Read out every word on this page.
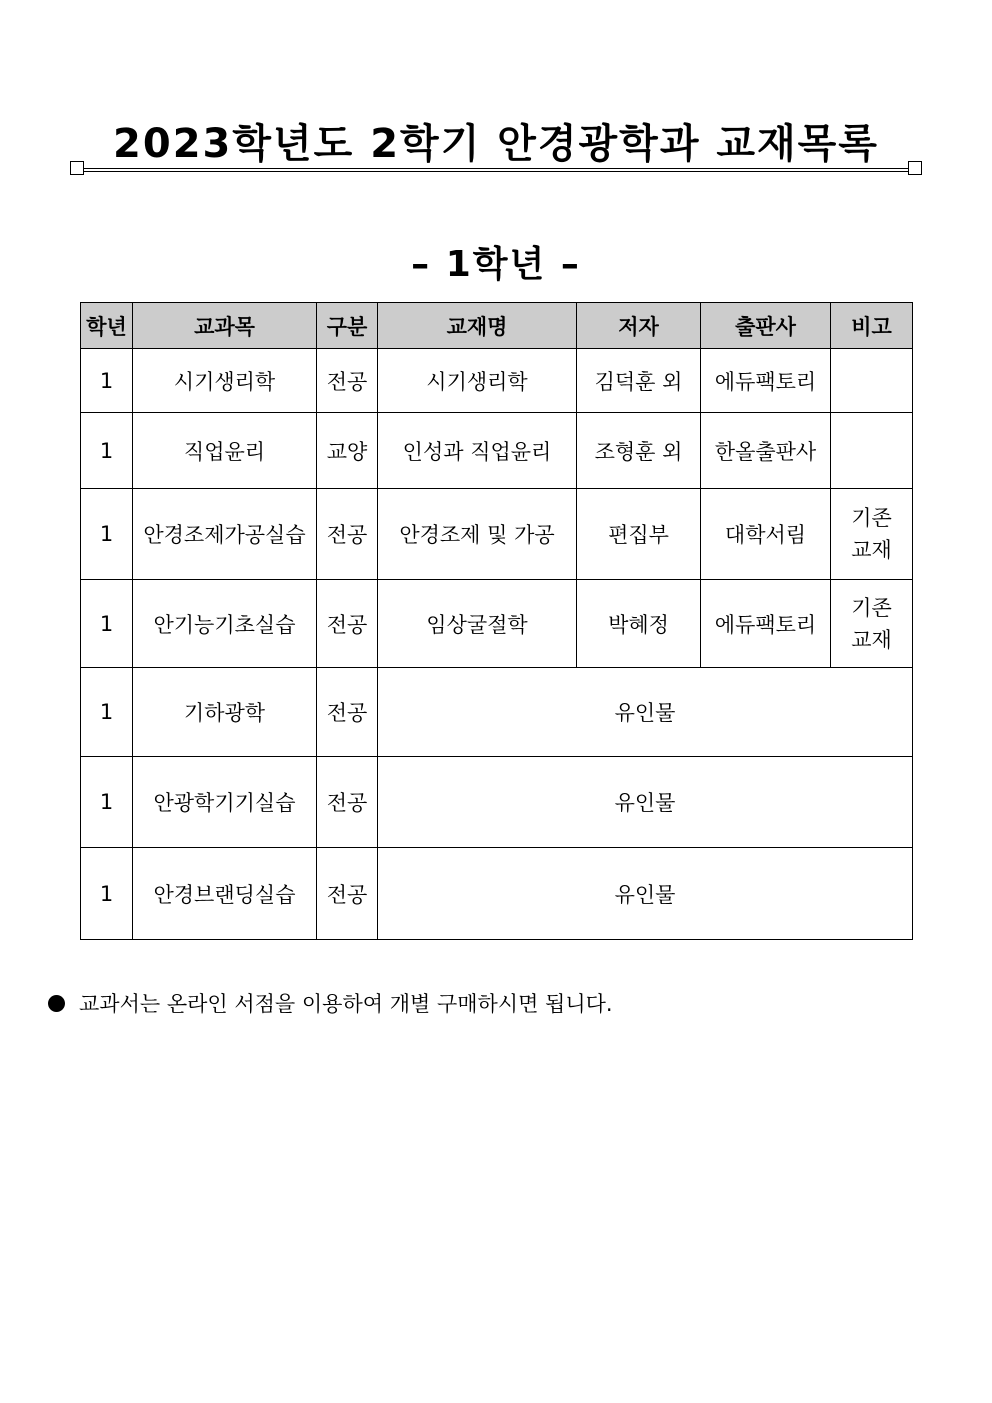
2023학년도 2학기 안경광학과 교재목록
– 1학년 –
학년	교과목	구분	교재명	저자	출판사	비고
1	시기생리학	전공	시기생리학	김덕훈 외	에듀팩토리	
1	직업윤리	교양	인성과 직업윤리	조형훈 외	한올출판사	
1	안경조제가공실습	전공	안경조제 및 가공	편집부	대학서림	기존
교재
1	안기능기초실습	전공	임상굴절학	박혜정	에듀팩토리	기존
교재
1	기하광학	전공	유인물			
1	안광학기기실습	전공	유인물			
1	안경브랜딩실습	전공	유인물			
교과서는 온라인 서점을 이용하여 개별 구매하시면 됩니다.
